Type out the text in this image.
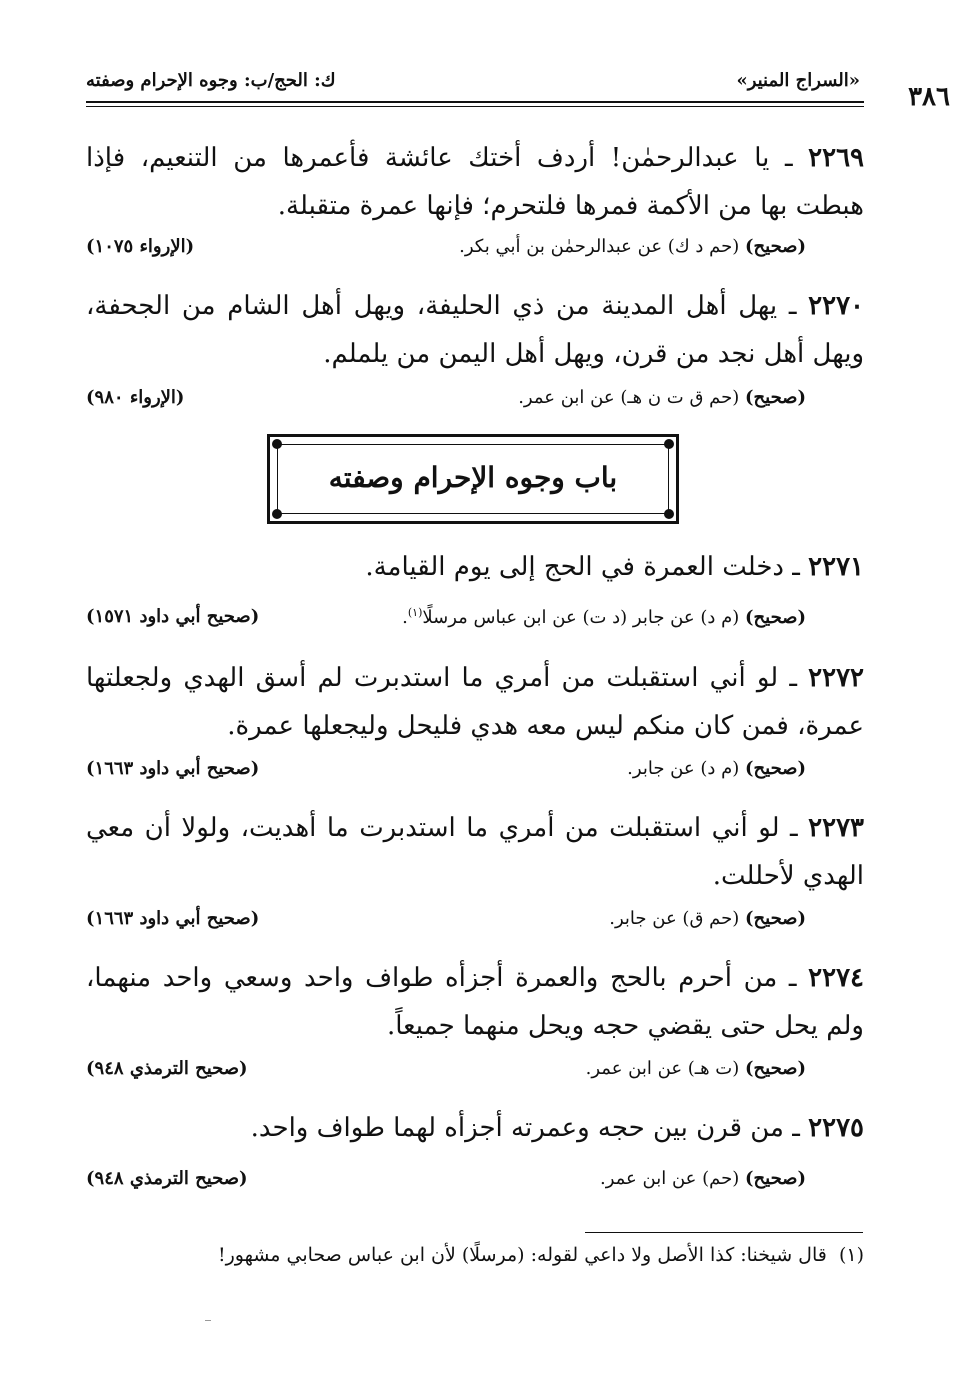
٣٨٦
«السراج المنير»
ك: الحج/ب: وجوه الإحرام وصفته
٢٢٦٩ ـ يا عبدالرحمٰن! أردف أختك عائشة فأعمرها من التنعيم، فإذا هبطت بها من الأكمة فمرها فلتحرم؛ فإنها عمرة متقبلة.
(صحيح) (حم د ك) عن عبدالرحمٰن بن أبي بكر.
(الإرواء ١٠٧٥)
٢٢٧٠ ـ يهل أهل المدينة من ذي الحليفة، ويهل أهل الشام من الجحفة، ويهل أهل نجد من قرن، ويهل أهل اليمن من يلملم.
(صحيح) (حم ق ت ن هـ) عن ابن عمر.
(الإرواء ٩٨٠)
باب وجوه الإحرام وصفته
٢٢٧١ ـ دخلت العمرة في الحج إلى يوم القيامة.
(صحيح) (م د) عن جابر (د ت) عن ابن عباس مرسلًا$^{(١)}$.
(صحيح أبي داود ١٥٧١)
٢٢٧٢ ـ لو أني استقبلت من أمري ما استدبرت لم أسق الهدي ولجعلتها عمرة، فمن كان منكم ليس معه هدي فليحل وليجعلها عمرة.
(صحيح) (م د) عن جابر.
(صحيح أبي داود ١٦٦٣)
٢٢٧٣ ـ لو أني استقبلت من أمري ما استدبرت ما أهديت، ولولا أن معي الهدي لأحللت.
(صحيح) (حم ق) عن جابر.
(صحيح أبي داود ١٦٦٣)
٢٢٧٤ ـ من أحرم بالحج والعمرة أجزأه طواف واحد وسعي واحد منهما، ولم يحل حتى يقضي حجه ويحل منهما جميعاً.
(صحيح) (ت هـ) عن ابن عمر.
(صحيح الترمذي ٩٤٨)
٢٢٧٥ ـ من قرن بين حجه وعمرته أجزأه لهما طواف واحد.
(صحيح) (حم) عن ابن عمر.
(صحيح الترمذي ٩٤٨)
(١)  قال شيخنا: كذا الأصل ولا داعي لقوله: (مرسلًا) لأن ابن عباس صحابي مشهور!
